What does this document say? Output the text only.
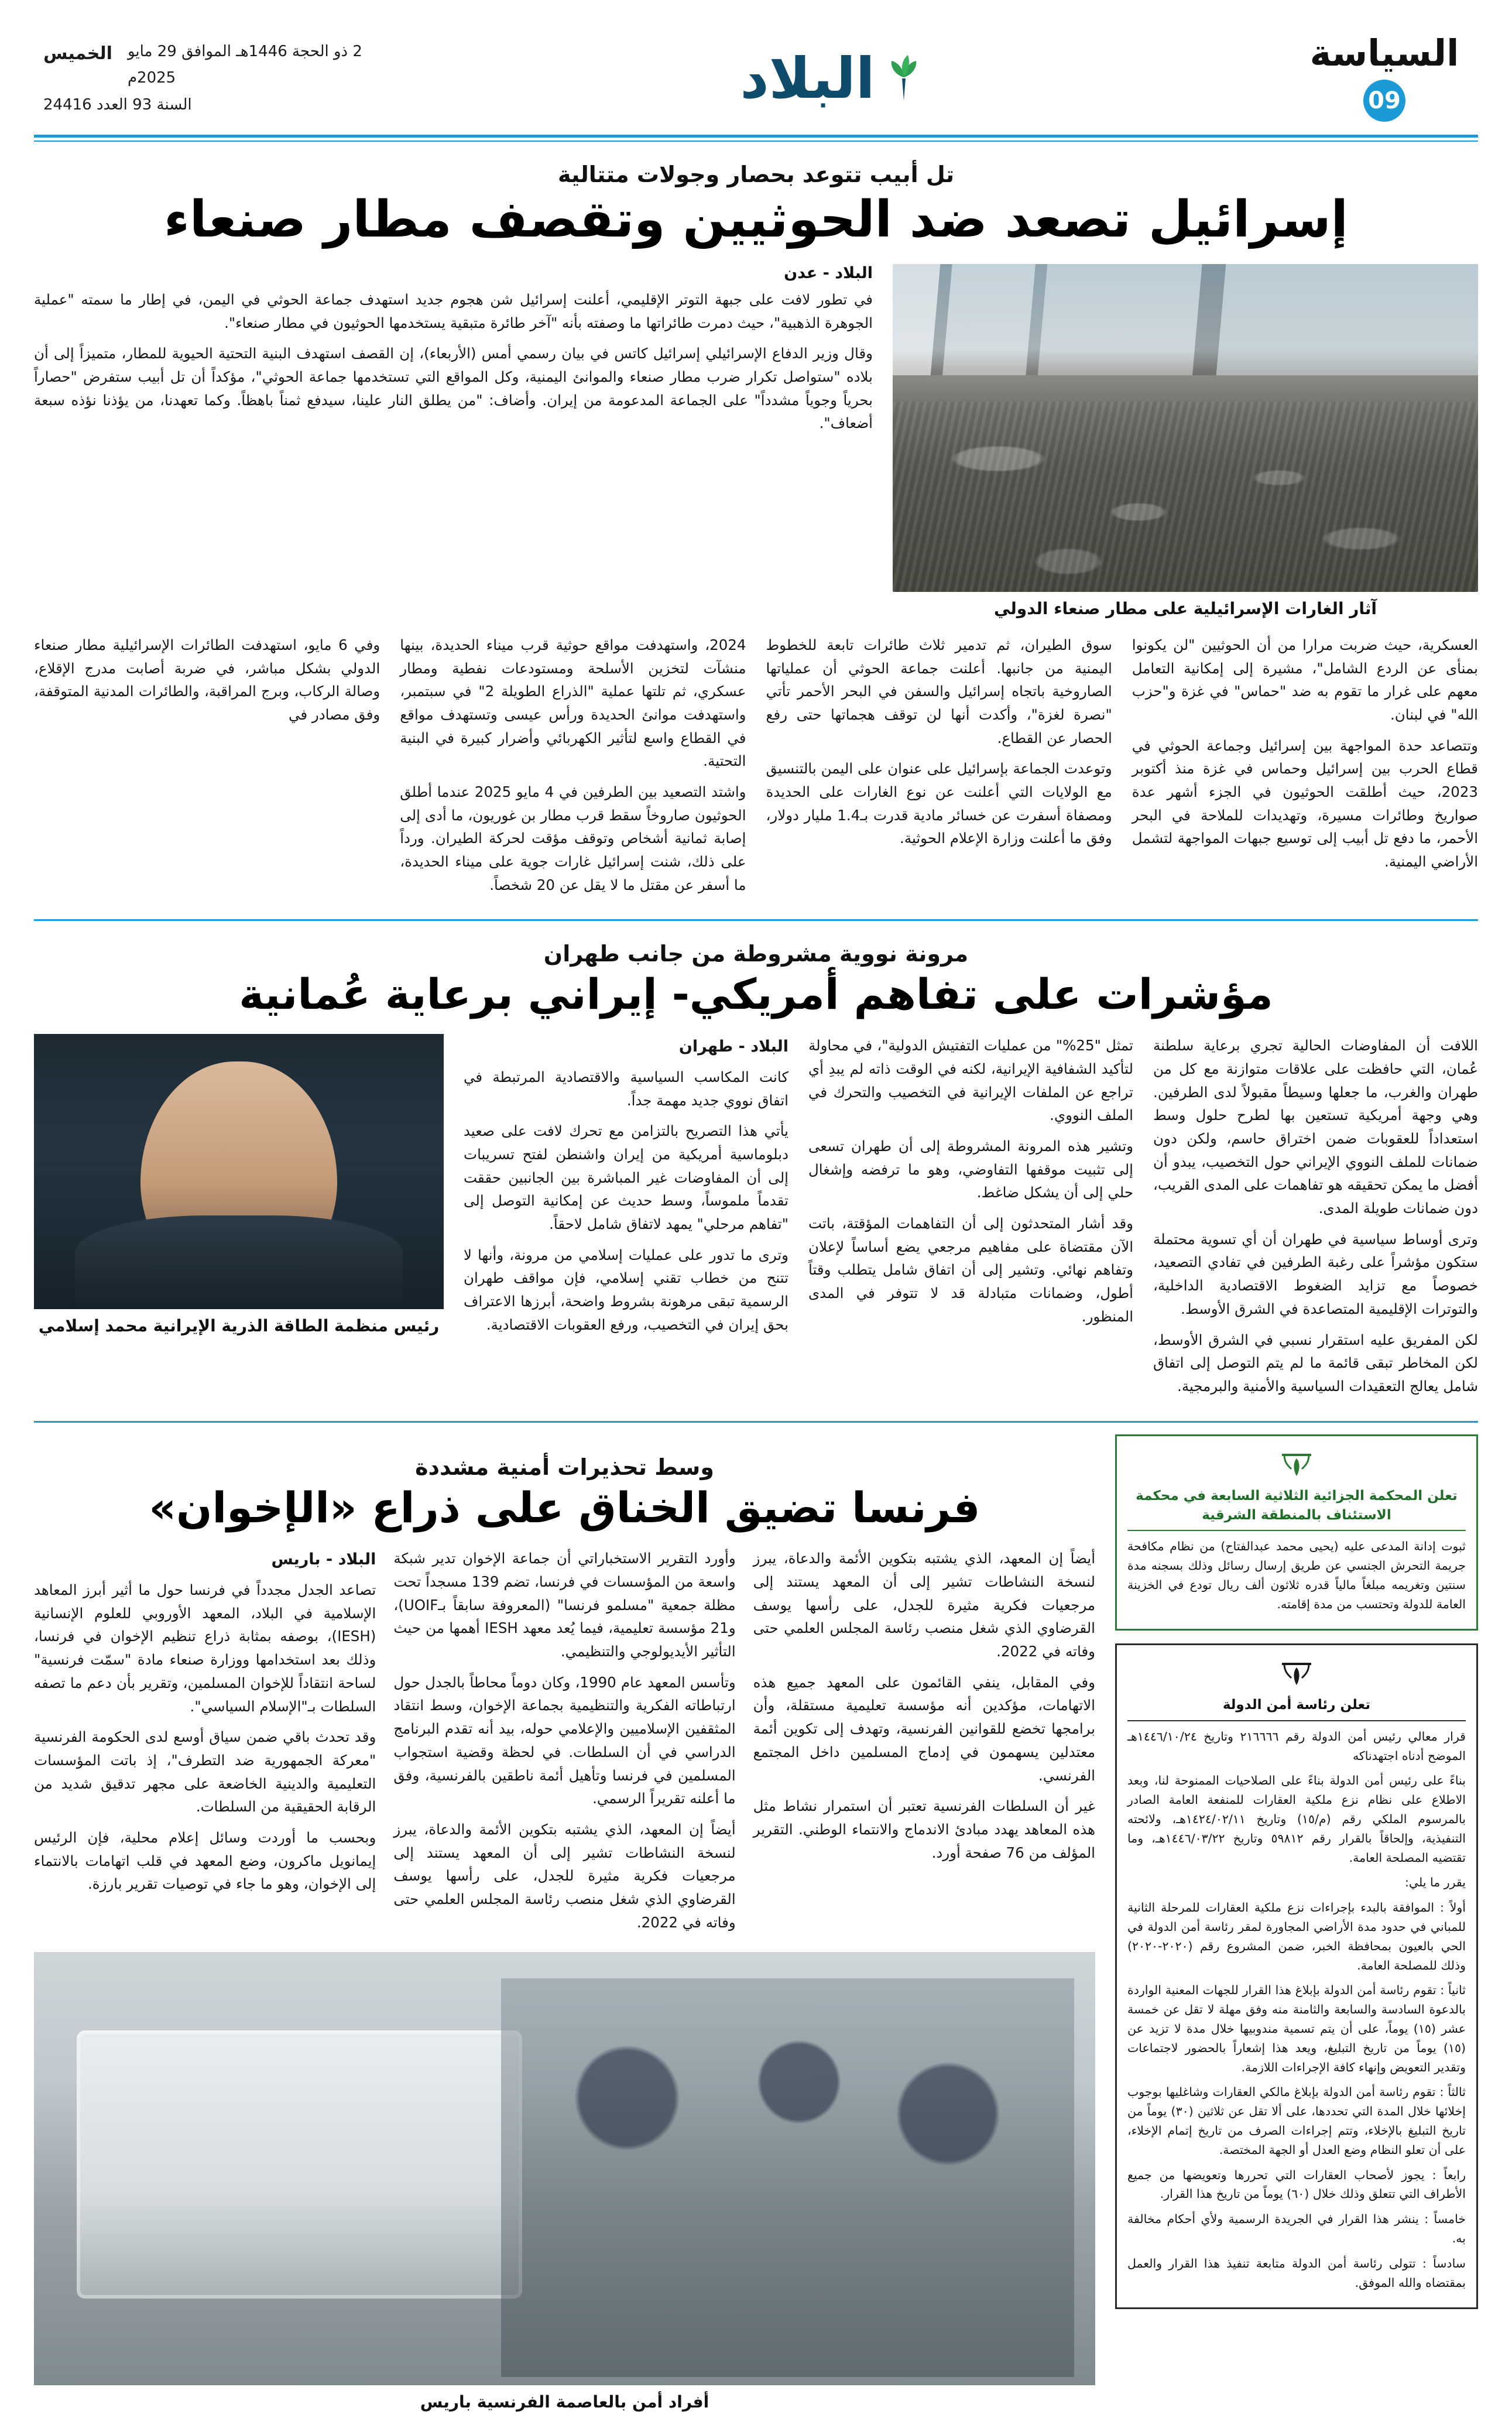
السياسة
09
البلاد
2 ذو الحجة 1446هـ الموافق 29 مايو 2025م
الخميس
السنة 93 العدد 24416
تل أبيب تتوعد بحصار وجولات متتالية
إسرائيل تصعد ضد الحوثيين وتقصف مطار صنعاء
آثار الغارات الإسرائيلية على مطار صنعاء الدولي
البلاد - عدن

في تطور لافت على جبهة التوتر الإقليمي، أعلنت إسرائيل شن هجوم جديد استهدف جماعة الحوثي في اليمن، في إطار ما سمته "عملية الجوهرة الذهبية"، حيث دمرت طائراتها ما وصفته بأنه "آخر طائرة متبقية يستخدمها الحوثيون في مطار صنعاء".

وقال وزير الدفاع الإسرائيلي إسرائيل كاتس في بيان رسمي أمس (الأربعاء)، إن القصف استهدف البنية التحتية الحيوية للمطار، متميزاً إلى أن بلاده "ستواصل تكرار ضرب مطار صنعاء والموانئ اليمنية، وكل المواقع التي تستخدمها جماعة الحوثي"، مؤكداً أن تل أبيب ستفرض "حصاراً بحرياً وجوياً مشدداً" على الجماعة المدعومة من إيران. وأضاف: "من يطلق النار علينا، سيدفع ثمناً باهظاً. وكما تعهدنا، من يؤذنا نؤذه سبعة أضعاف".

العسكرية، حيث ضربت مرارا من أن الحوثيين "لن يكونوا بمنأى عن الردع الشامل"، مشيرة إلى إمكانية التعامل معهم على غرار ما تقوم به ضد "حماس" في غزة و"حزب الله" في لبنان.

وتتصاعد حدة المواجهة بين إسرائيل وجماعة الحوثي في قطاع الحرب بين إسرائيل وحماس في غزة منذ أكتوبر 2023، حيث أطلقت الحوثيون في الجزء أشهر عدة صواريخ وطائرات مسيرة، وتهديدات للملاحة في البحر الأحمر، ما دفع تل أبيب إلى توسيع جبهات المواجهة لتشمل الأراضي اليمنية.

سوق الطيران، ثم تدمير ثلاث طائرات تابعة للخطوط اليمنية من جانبها. أعلنت جماعة الحوثي أن عملياتها الصاروخية باتجاه إسرائيل والسفن في البحر الأحمر تأتي "نصرة لغزة"، وأكدت أنها لن توقف هجماتها حتى رفع الحصار عن القطاع.

وتوعدت الجماعة بإسرائيل على عنوان على اليمن بالتنسيق مع الولايات التي أعلنت عن نوع الغارات على الحديدة ومصفاة أسفرت عن خسائر مادية قدرت بـ1.4 مليار دولار، وفق ما أعلنت وزارة الإعلام الحوثية.

2024، واستهدفت مواقع حوثية قرب ميناء الحديدة، بينها منشآت لتخزين الأسلحة ومستودعات نفطية ومطار عسكري، ثم تلتها عملية "الذراع الطويلة 2" في سبتمبر، واستهدفت موانئ الحديدة ورأس عيسى وتستهدف مواقع في القطاع واسع لتأثير الكهربائي وأضرار كبيرة في البنية التحتية.

واشتد التصعيد بين الطرفين في 4 مايو 2025 عندما أطلق الحوثيون صاروخاً سقط قرب مطار بن غوريون، ما أدى إلى إصابة ثمانية أشخاص وتوقف مؤقت لحركة الطيران. ورداً على ذلك، شنت إسرائيل غارات جوية على ميناء الحديدة، ما أسفر عن مقتل ما لا يقل عن 20 شخصاً.

وفي 6 مايو، استهدفت الطائرات الإسرائيلية مطار صنعاء الدولي بشكل مباشر، في ضربة أصابت مدرج الإقلاع، وصالة الركاب، وبرج المراقبة، والطائرات المدنية المتوقفة، وفق مصادر في

مرونة نووية مشروطة من جانب طهران
مؤشرات على تفاهم أمريكي- إيراني برعاية عُمانية

اللافت أن المفاوضات الحالية تجري برعاية سلطنة عُمان، التي حافظت على علاقات متوازنة مع كل من طهران والغرب، ما جعلها وسيطاً مقبولاً لدى الطرفين. وهي وجهة أمريكية تستعين بها لطرح حلول وسط استعداداً للعقوبات ضمن اختراق حاسم، ولكن دون ضمانات للملف النووي الإيراني حول التخصيب، يبدو أن أفضل ما يمكن تحقيقه هو تفاهمات على المدى القريب، دون ضمانات طويلة المدى.

وترى أوساط سياسية في طهران أن أي تسوية محتملة ستكون مؤشراً على رغبة الطرفين في تفادي التصعيد، خصوصاً مع تزايد الضغوط الاقتصادية الداخلية، والتوترات الإقليمية المتصاعدة في الشرق الأوسط.

لكن المفريق عليه استقرار نسبي في الشرق الأوسط، لكن المخاطر تبقى قائمة ما لم يتم التوصل إلى اتفاق شامل يعالج التعقيدات السياسية والأمنية والبرمجية.

تمثل "25%" من عمليات التفتيش الدولية"، في محاولة لتأكيد الشفافية الإيرانية، لكنه في الوقت ذاته لم يبدِ أي تراجع عن الملفات الإيرانية في التخصيب والتحرك في الملف النووي.

وتشير هذه المرونة المشروطة إلى أن طهران تسعى إلى تثبيت موقفها التفاوضي، وهو ما ترفضه وإشغال حلي إلى أن يشكل ضاغط.

وقد أشار المتحدثون إلى أن التفاهمات المؤقتة، باتت الآن مقتضاة على مفاهيم مرجعي يضع أساساً لإعلان وتفاهم نهائي. وتشير إلى أن اتفاق شامل يتطلب وقتاً أطول، وضمانات متبادلة قد لا تتوفر في المدى المنظور.

البلاد - طهران

كانت المكاسب السياسية والاقتصادية المرتبطة في اتفاق نووي جديد مهمة جداً.

يأتي هذا التصريح بالتزامن مع تحرك لافت على صعيد دبلوماسية أمريكية من إيران واشنطن لفتح تسريبات إلى أن المفاوضات غير المباشرة بين الجانبين حققت تقدماً ملموساً، وسط حديث عن إمكانية التوصل إلى "تفاهم مرحلي" يمهد لاتفاق شامل لاحقاً.

وترى ما تدور على عمليات إسلامي من مرونة، وأنها لا تتنح من خطاب تقني إسلامي، فإن مواقف طهران الرسمية تبقى مرهونة بشروط واضحة، أبرزها الاعتراف بحق إيران في التخصيب، ورفع العقوبات الاقتصادية.

رئيس منظمة الطاقة الذرية الإيرانية محمد إسلامي
تعلن المحكمة الجزائية الثلاثية السابعة في محكمة الاستئناف بالمنطقة الشرقية

ثبوت إدانة المدعى عليه (يحيى محمد عبدالفتاح) من نظام مكافحة جريمة التحرش الجنسي عن طريق إرسال رسائل وذلك بسجنه مدة سنتين وتغريمه مبلغاً مالياً قدره ثلاثون ألف ريال تودع في الخزينة العامة للدولة وتحتسب من مدة إقامته.

تعلن رئاسة أمن الدولة

قرار معالي رئيس أمن الدولة رقم ٢١٦٦٦٦ وتاريخ ١٤٤٦/١٠/٢٤هـ الموضح أدناه اجتهدناكه

بناءً على رئيس أمن الدولة بناءً على الصلاحيات الممنوحة لنا، وبعد الاطلاع على نظام نزع ملكية العقارات للمنفعة العامة الصادر بالمرسوم الملكي رقم (م/١٥) وتاريخ ١٤٢٤/٠٢/١١هـ، ولائحته التنفيذية، وإلحاقاً بالقرار رقم ٥٩٨١٢ وتاريخ ١٤٤٦/٠٣/٢٢هـ، وما تقتضيه المصلحة العامة.

يقرر ما يلي:

أولاً : الموافقة بالبدء بإجراءات نزع ملكية العقارات للمرحلة الثانية للمباني في حدود مدة الأراضي المجاورة لمقر رئاسة أمن الدولة في الحي بالعيون بمحافظة الخبر، ضمن المشروع رقم (٢٠٢٠-٢٠٢٠) وذلك للمصلحة العامة.

ثانياً : تقوم رئاسة أمن الدولة بإبلاغ هذا القرار للجهات المعنية الواردة بالدعوة السادسة والسابعة والثامنة منه وفق مهلة لا تقل عن خمسة عشر (١٥) يوماً، على أن يتم تسمية مندوبيها خلال مدة لا تزيد عن (١٥) يوماً من تاريخ التبليغ، ويعد هذا إشعاراً بالحضور لاجتماعات وتقدير التعويض وإنهاء كافة الإجراءات اللازمة.

ثالثاً : تقوم رئاسة أمن الدولة بإبلاغ مالكي العقارات وشاغليها بوجوب إخلائها خلال المدة التي تحددها، على ألا تقل عن ثلاثين (٣٠) يوماً من تاريخ التبليغ بالإخلاء، وتتم إجراءات الصرف من تاريخ إتمام الإخلاء، على أن تعلو النظام وضع العدل أو الجهة المختصة.

رابعاً : يجوز لأصحاب العقارات التي تحررها وتعويضها من جميع الأطراف التي تتعلق وذلك خلال (٦٠) يوماً من تاريخ هذا القرار.

خامساً : ينشر هذا القرار في الجريدة الرسمية ولأي أحكام مخالفة به.

سادساً : تتولى رئاسة أمن الدولة متابعة تنفيذ هذا القرار والعمل بمقتضاه والله الموفق.

وسط تحذيرات أمنية مشددة
فرنسا تضيق الخناق على ذراع «الإخوان»

أيضاً إن المعهد، الذي يشتبه بتكوين الأئمة والدعاة، يبرز لنسخة النشاطات تشير إلى أن المعهد يستند إلى مرجعيات فكرية مثيرة للجدل، على رأسها يوسف القرضاوي الذي شغل منصب رئاسة المجلس العلمي حتى وفاته في 2022.

وفي المقابل، ينفي القائمون على المعهد جميع هذه الاتهامات، مؤكدين أنه مؤسسة تعليمية مستقلة، وأن برامجها تخضع للقوانين الفرنسية، وتهدف إلى تكوين أئمة معتدلين يسهمون في إدماج المسلمين داخل المجتمع الفرنسي.

غير أن السلطات الفرنسية تعتبر أن استمرار نشاط مثل هذه المعاهد يهدد مبادئ الاندماج والانتماء الوطني. التقرير المؤلف من 76 صفحة أورد.

وأورد التقرير الاستخباراتي أن جماعة الإخوان تدير شبكة واسعة من المؤسسات في فرنسا، تضم 139 مسجداً تحت مظلة جمعية "مسلمو فرنسا" (المعروفة سابقاً بـUOIF)، و21 مؤسسة تعليمية، فيما يُعد معهد IESH أهمها من حيث التأثير الأيديولوجي والتنظيمي.

وتأسس المعهد عام 1990، وكان دوماً محاطاً بالجدل حول ارتباطاته الفكرية والتنظيمية بجماعة الإخوان، وسط انتقاد المثقفين الإسلاميين والإعلامي حوله، بيد أنه تقدم البرنامج الدراسي في أن السلطات. في لحظة وقضية استجواب المسلمين في فرنسا وتأهيل أئمة ناطقين بالفرنسية، وفق ما أعلنه تقريراً الرسمي.

أيضاً إن المعهد، الذي يشتبه بتكوين الأئمة والدعاة، يبرز لنسخة النشاطات تشير إلى أن المعهد يستند إلى مرجعيات فكرية مثيرة للجدل، على رأسها يوسف القرضاوي الذي شغل منصب رئاسة المجلس العلمي حتى وفاته في 2022.

البلاد - باريس

تصاعد الجدل مجدداً في فرنسا حول ما أثير أبرز المعاهد الإسلامية في البلاد، المعهد الأوروبي للعلوم الإنسانية (IESH)، بوصفه بمثابة ذراع تنظيم الإخوان في فرنسا، وذلك بعد استخدامها ووزارة صنعاء مادة "سمّت فرنسية" لساحة انتقاداً للإخوان المسلمين، وتقرير بأن دعم ما تصفه السلطات بـ"الإسلام السياسي".

وقد تحدث باقي ضمن سياق أوسع لدى الحكومة الفرنسية "معركة الجمهورية ضد التطرف"، إذ باتت المؤسسات التعليمية والدينية الخاضعة على مجهر تدقيق شديد من الرقابة الحقيقية من السلطات.

وبحسب ما أوردت وسائل إعلام محلية، فإن الرئيس إيمانويل ماكرون، وضع المعهد في قلب اتهامات بالانتماء إلى الإخوان، وهو ما جاء في توصيات تقرير بارزة.

أفراد أمن بالعاصمة الفرنسية باريس
